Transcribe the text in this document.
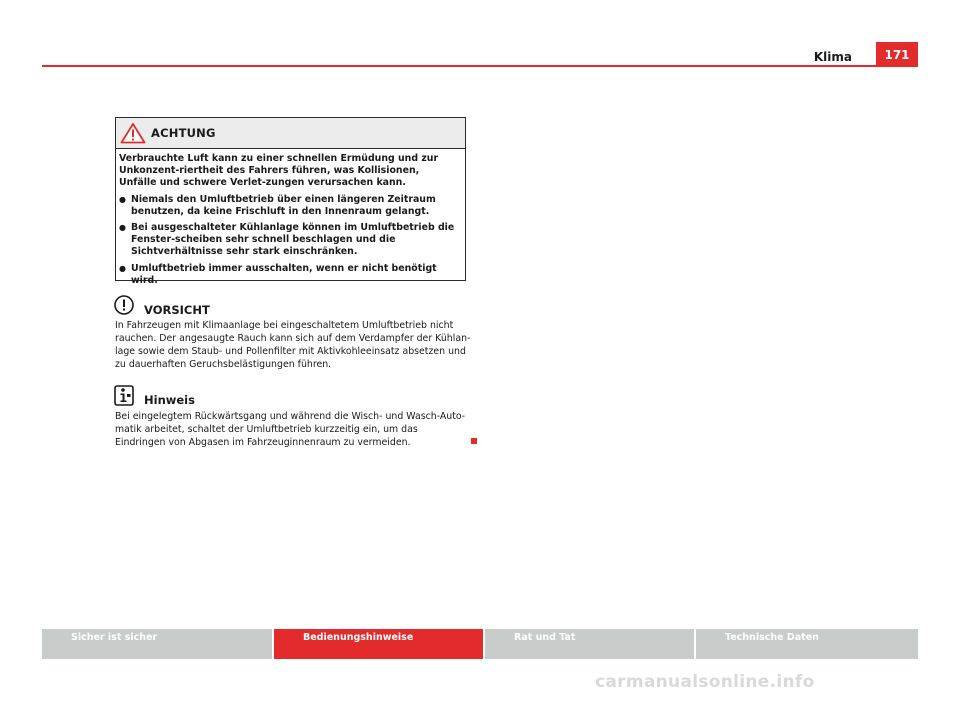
Klima	171
ACHTUNG

Verbrauchte Luft kann zu einer schnellen Ermüdung und zur Unkonzent-riertheit des Fahrers führen, was Kollisionen, Unfälle und schwere Verlet-zungen verursachen kann.

● Niemals den Umluftbetrieb über einen längeren Zeitraum benutzen, da keine Frischluft in den Innenraum gelangt.
● Bei ausgeschalteter Kühlanlage können im Umluftbetrieb die Fenster-scheiben sehr schnell beschlagen und die Sichtverhältnisse sehr stark einschränken.
● Umluftbetrieb immer ausschalten, wenn er nicht benötigt wird.
VORSICHT
In Fahrzeugen mit Klimaanlage bei eingeschaltetem Umluftbetrieb nicht rauchen. Der angesaugte Rauch kann sich auf dem Verdampfer der Kühlan-lage sowie dem Staub- und Pollenfilter mit Aktivkohleeinsatz absetzen und zu dauerhaften Geruchsbelästigungen führen.
Hinweis
Bei eingelegtem Rückwärtsgang und während die Wisch- und Wasch-Auto-matik arbeitet, schaltet der Umluftbetrieb kurzzeitig ein, um das Eindringen von Abgasen im Fahrzeuginnenraum zu vermeiden.
Sicher ist sicher	Bedienungshinweise	Rat und Tat	Technische Daten
carmanualsonline.info
